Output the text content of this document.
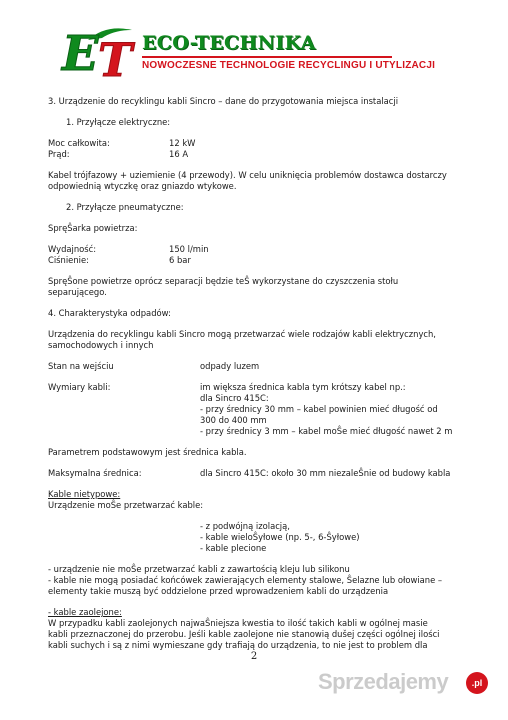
E T ECO-TECHNIKA
NOWOCZESNE TECHNOLOGIE RECYCLINGU I UTYLIZACJI
3. Urządzenie do recyklingu kabli Sincro – dane do przygotowania miejsca instalacji
1. Przyłącze elektryczne:
Moc całkowita:	12 kW
Prąd:	16 A
Kabel trójfazowy + uziemienie (4 przewody). W celu uniknięcia problemów dostawca dostarczy
odpowiednią wtyczkę oraz gniazdo wtykowe.
2. Przyłącze pneumatyczne:
SpręŜarka powietrza:
Wydajność:	150 l/min
Ciśnienie:	6 bar
SpręŜone powietrze oprócz separacji będzie teŜ wykorzystane do czyszczenia stołu
separującego.
4. Charakterystyka odpadów:
Urządzenia do recyklingu kabli Sincro mogą przetwarzać wiele rodzajów kabli elektrycznych,
samochodowych i innych
Stan na wejściu	odpady luzem
Wymiary kabli:	im większa średnica kabla tym krótszy kabel np.:
dla Sincro 415C:
- przy średnicy 30 mm – kabel powinien mieć długość od
300 do 400 mm
- przy średnicy 3 mm – kabel moŜe mieć długość nawet 2 m
Parametrem podstawowym jest średnica kabla.
Maksymalna średnica:	dla Sincro 415C: około 30 mm niezaleŜnie od budowy kabla
Kable nietypowe:
Urządzenie moŜe przetwarzać kable:
- z podwójną izolacją,
- kable wieloŜyłowe (np. 5-, 6-Ŝyłowe)
- kable plecione
- urządzenie nie moŜe przetwarzać kabli z zawartością kleju lub silikonu
- kable nie mogą posiadać końcówek zawierających elementy stalowe, Ŝelazne lub ołowiane –
elementy takie muszą być oddzielone przed wprowadzeniem kabli do urządzenia
- kable zaolejone:
W przypadku kabli zaolejonych najwaŜniejsza kwestia to ilość takich kabli w ogólnej masie
kabli przeznaczonej do przerobu. Jeśli kable zaolejone nie stanowią dušej części ogólnej ilości
kabli suchych i są z nimi wymieszane gdy trafiają do urządzenia, to nie jest to problem dla
2
Sprzedajemy	.pl
